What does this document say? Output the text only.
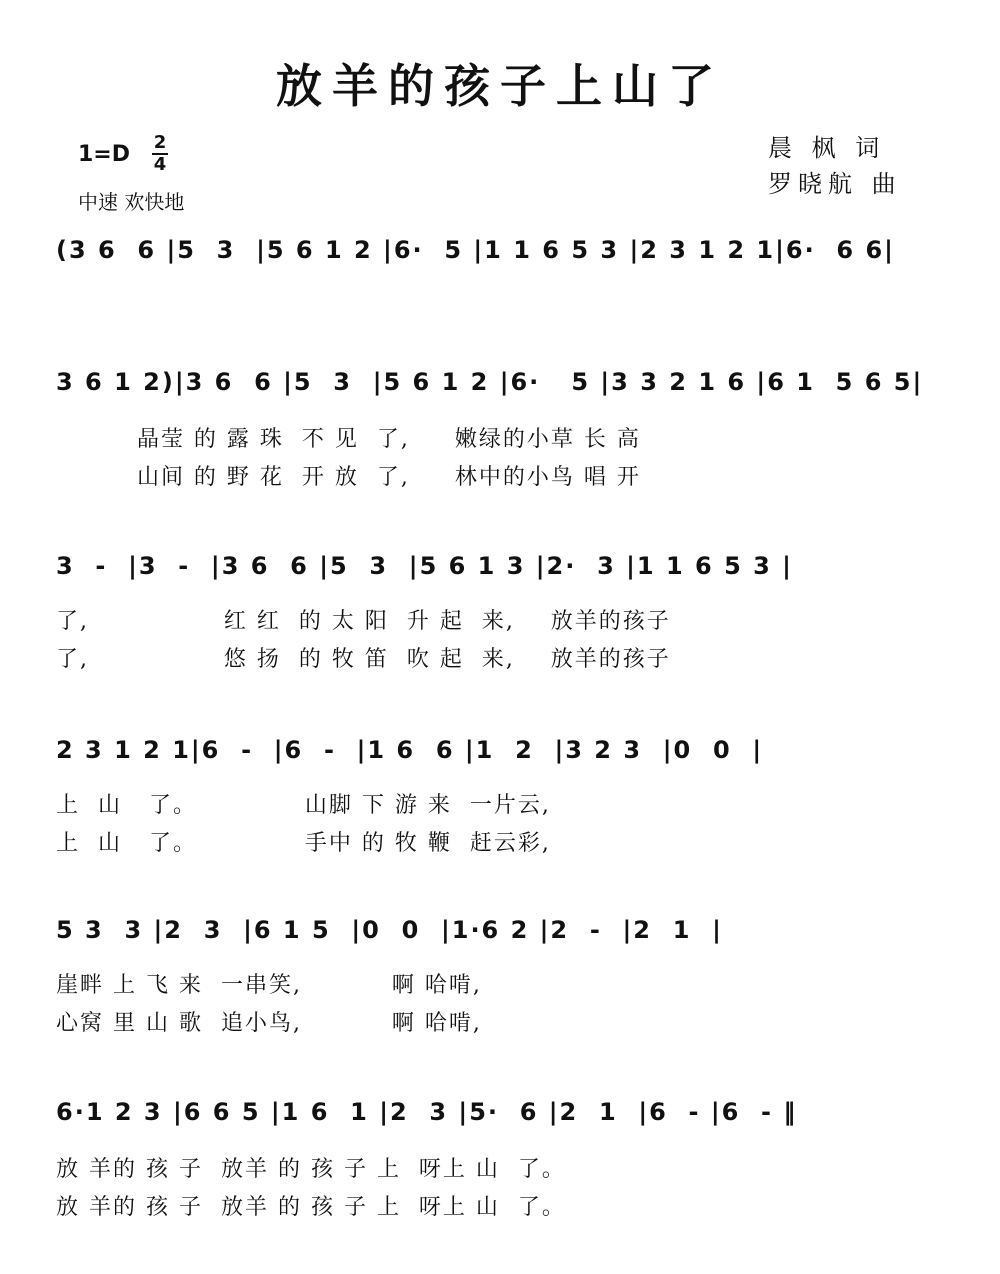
放羊的孩子上山了
1=D 2
4
中速 欢快地
晨 枫 词
罗晓航 曲
(3 6  6 |5  3  |5 6 1 2 |6·  5 |1 1 6 5 3 |2 3 1 2 1|6·  6 6|
3 6 1 2)|3 6  6 |5  3  |5 6 1 2 |6·   5 |3 3 2 1 6 |6 1  5 6 5|
晶莹 的 露 珠  不 见  了,     嫩绿的小草 长 高
山间 的 野 花  开 放  了,     林中的小鸟 唱 开
3  -  |3  -  |3 6  6 |5  3  |5 6 1 3 |2·  3 |1 1 6 5 3 |
了,               红 红  的 太 阳  升 起  来,    放羊的孩子
了,               悠 扬  的 牧 笛  吹 起  来,    放羊的孩子
2 3 1 2 1|6  -  |6  -  |1 6  6 |1  2  |3 2 3  |0  0  |
上  山   了。            山脚 下 游 来  一片云,
上  山   了。            手中 的 牧 鞭  赶云彩,
5 3  3 |2  3  |6 1 5  |0  0  |1·6 2 |2  -  |2  1  |
崖畔 上 飞 来  一串笑,          啊 哈啃,
心窝 里 山 歌  追小鸟,          啊 哈啃,
6·1 2 3 |6 6 5 |1 6  1 |2  3 |5·  6 |2  1  |6  - |6  - ‖
放 羊的 孩 子  放羊 的 孩 子 上  呀上 山  了。
放 羊的 孩 子  放羊 的 孩 子 上  呀上 山  了。
